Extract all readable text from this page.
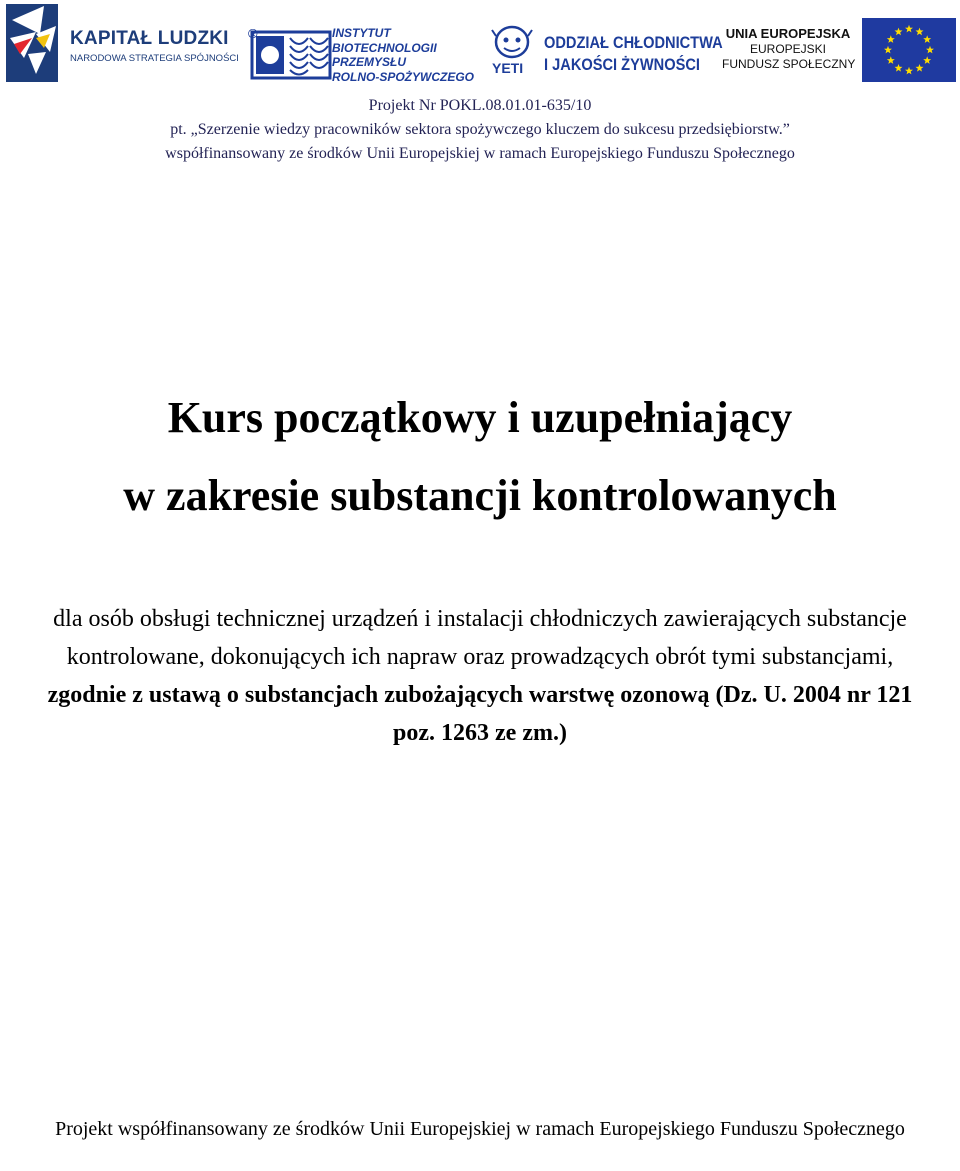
KAPITAŁ LUDZKI
NARODOWA STRATEGIA SPÓJNOŚCI
®	INSTYTUT
BIOTECHNOLOGII
PRZEMYSŁU
ROLNO-SPOŻYWCZEGO
YETI
ODDZIAŁ CHŁODNICTWA
I JAKOŚCI ŻYWNOŚCI
UNIA EUROPEJSKA
EUROPEJSKI
FUNDUSZ SPOŁECZNY
Projekt Nr POKL.08.01.01-635/10
pt. „Szerzenie wiedzy pracowników sektora spożywczego kluczem do sukcesu przedsiębiorstw.”
współfinansowany ze środków Unii Europejskiej w ramach Europejskiego Funduszu Społecznego
Kurs początkowy i uzupełniający
w zakresie substancji kontrolowanych
dla osób obsługi technicznej urządzeń i instalacji chłodniczych zawierających substancje kontrolowane, dokonujących ich napraw oraz prowadzących obrót tymi substancjami, zgodnie z ustawą o substancjach zubożających warstwę ozonową (Dz. U. 2004 nr 121 poz. 1263 ze zm.)
Projekt współfinansowany ze środków Unii Europejskiej w ramach Europejskiego Funduszu Społecznego
